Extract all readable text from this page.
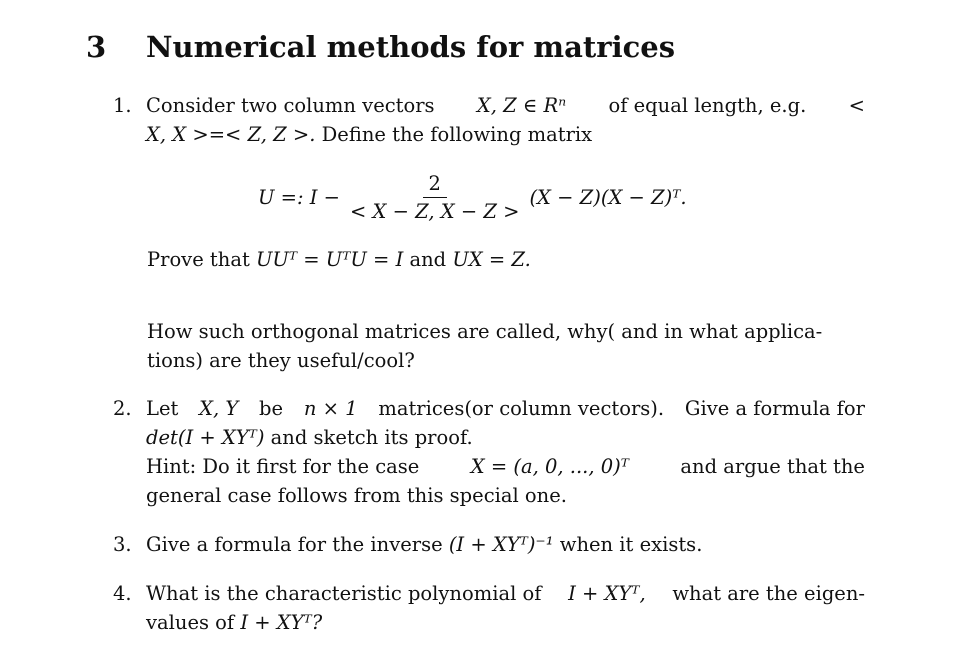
3 Numerical methods for matrices
1. Consider two column vectors X, Z ∈ Rⁿ of equal length, e.g. <
X, X >=< Z, Z >. Define the following matrix
U =: $I - \frac{2}{< X - Z, X - Z >} (X - Z)(X$ − Z)ᵀ.
Prove that UUᵀ = UᵀU = I and UX = Z.
How such orthogonal matrices are called, why( and in what applica-
tions) are they useful/cool?
2. Let X, Y be n × 1 matrices(or column vectors). Give a formula for
det(I + XYᵀ) and sketch its proof.
Hint: Do it first for the case	X = (a, 0, ..., 0)ᵀ	and argue that the
general case follows from this special one.
3. Give a formula for the inverse (I + XYᵀ)⁻¹ when it exists.
4. What is the characteristic polynomial of I + XYᵀ, what are the eigen-
values of I + XYᵀ?
